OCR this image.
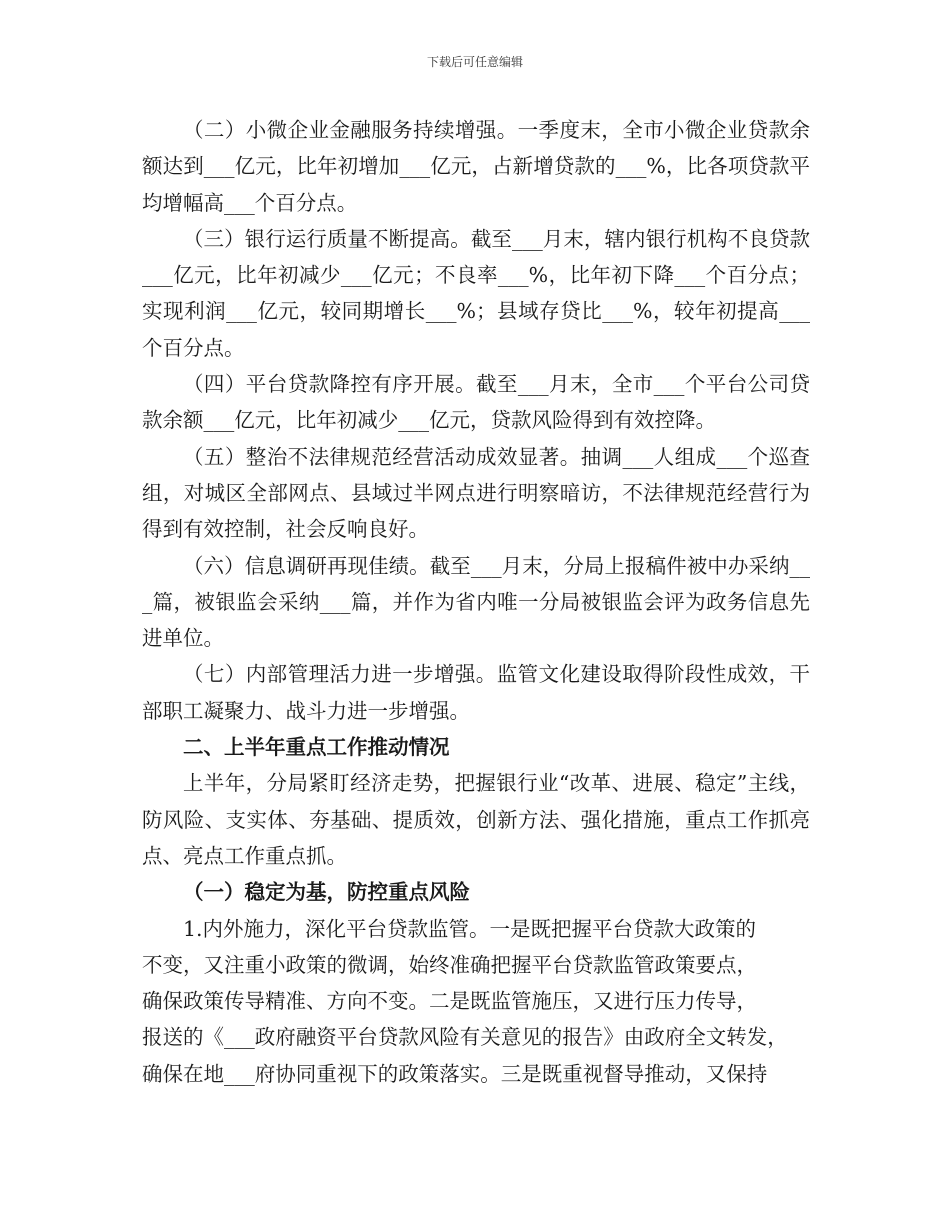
下载后可任意编辑

（二）小微企业金融服务持续增强。一季度末，全市小微企业贷款余额达到___亿元，比年初增加___亿元，占新增贷款的___%，比各项贷款平均增幅高___个百分点。

（三）银行运行质量不断提高。截至___月末，辖内银行机构不良贷款___亿元，比年初减少___亿元；不良率___%，比年初下降___个百分点；实现利润___亿元，较同期增长___%；县域存贷比___%，较年初提高___个百分点。

（四）平台贷款降控有序开展。截至___月末，全市___个平台公司贷款余额___亿元，比年初减少___亿元，贷款风险得到有效控降。

（五）整治不法律规范经营活动成效显著。抽调___人组成___个巡查组，对城区全部网点、县域过半网点进行明察暗访，不法律规范经营行为得到有效控制，社会反响良好。

（六）信息调研再现佳绩。截至___月末，分局上报稿件被中办采纳___篇，被银监会采纳___篇，并作为省内唯一分局被银监会评为政务信息先进单位。

（七）内部管理活力进一步增强。监管文化建设取得阶段性成效，干部职工凝聚力、战斗力进一步增强。

二、上半年重点工作推动情况

上半年，分局紧盯经济走势，把握银行业“改革、进展、稳定”主线，防风险、支实体、夯基础、提质效，创新方法、强化措施，重点工作抓亮点、亮点工作重点抓。

（一）稳定为基，防控重点风险

1.内外施力，深化平台贷款监管。一是既把握平台贷款大政策的

不变，又注重小政策的微调，始终准确把握平台贷款监管政策要点，

确保政策传导精准、方向不变。二是既监管施压，又进行压力传导，

报送的《___政府融资平台贷款风险有关意见的报告》由政府全文转发，

确保在地___府协同重视下的政策落实。三是既重视督导推动，又保持
